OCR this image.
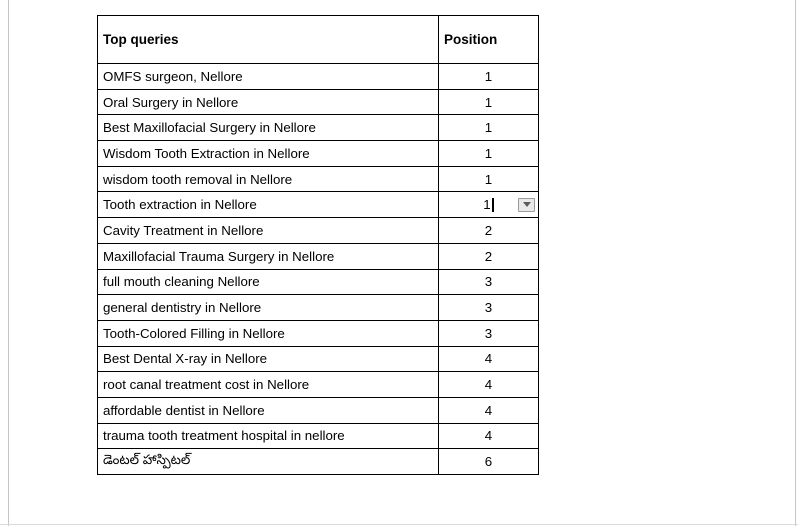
Top queries	Position
OMFS surgeon, Nellore	1
Oral Surgery in Nellore	1
Best Maxillofacial Surgery in Nellore	1
Wisdom Tooth Extraction in Nellore	1
wisdom tooth removal in Nellore	1
Tooth extraction in Nellore	1

Cavity Treatment in Nellore	2
Maxillofacial Trauma Surgery in Nellore	2
full mouth cleaning Nellore	3
general dentistry in Nellore	3
Tooth-Colored Filling in Nellore	3
Best Dental X-ray in Nellore	4
root canal treatment cost in Nellore	4
affordable dentist in Nellore	4
trauma tooth treatment hospital in nellore	4
డెంటల్ హాస్పిటల్	6
